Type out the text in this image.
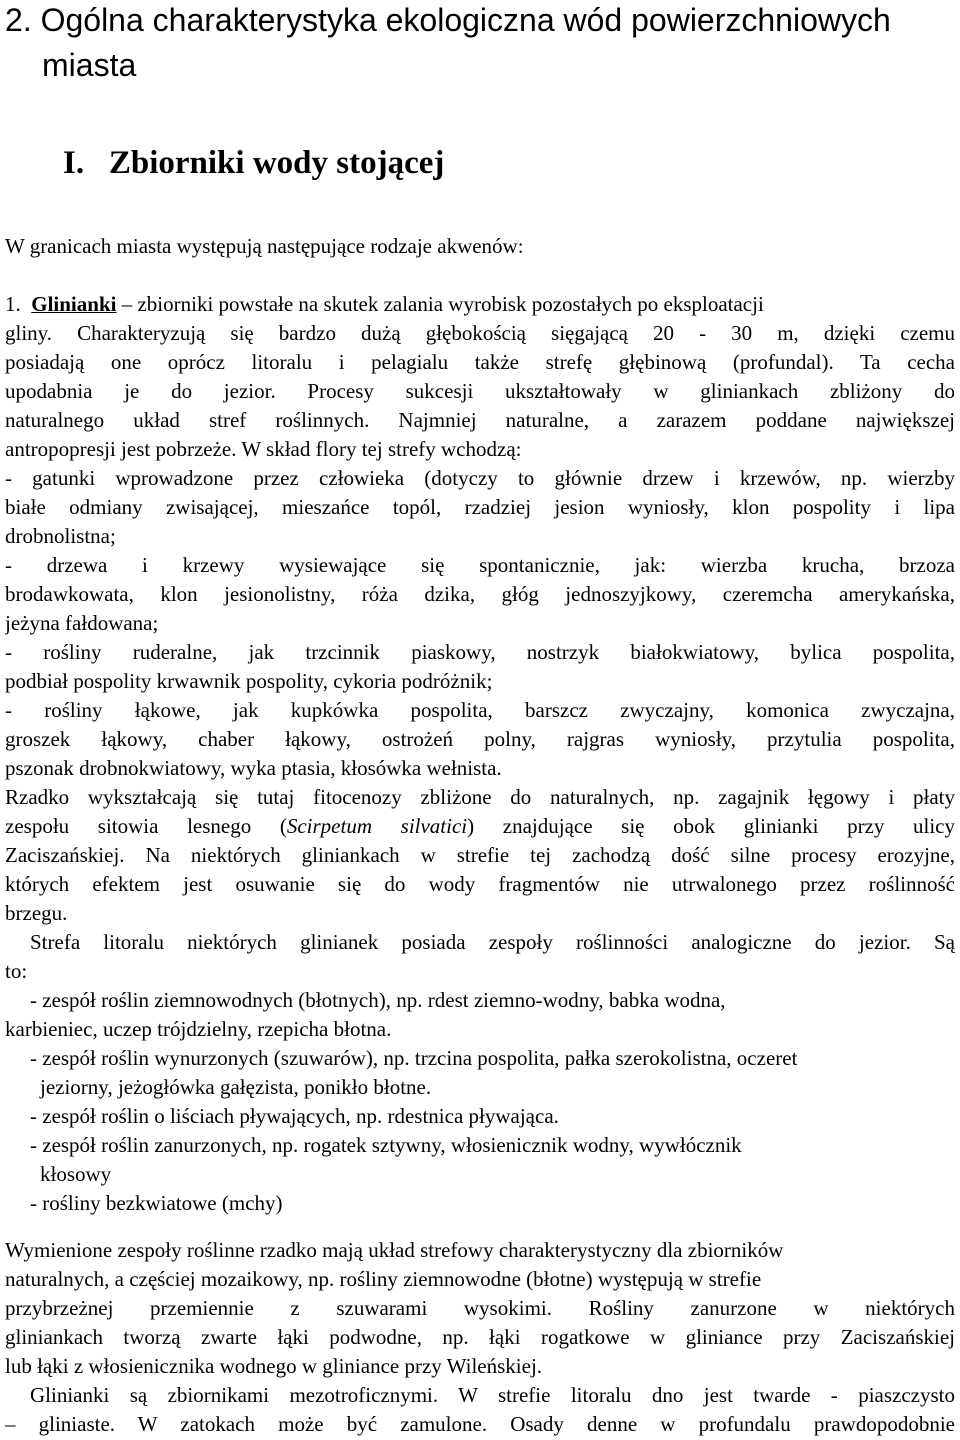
2. Ogólna charakterystyka ekologiczna wód powierzchniowych
miasta
I.   Zbiorniki wody stojącej

W granicach miasta występują następujące rodzaje akwenów:

1. Glinianki – zbiorniki powstałe na skutek zalania wyrobisk pozostałych po eksploatacji
gliny. Charakteryzują się bardzo dużą głębokością sięgającą 20 - 30 m, dzięki czemu
posiadają one oprócz litoralu i pelagialu także strefę głębinową (profundal). Ta cecha
upodabnia je do jezior. Procesy sukcesji ukształtowały w gliniankach zbliżony do
naturalnego układ stref roślinnych. Najmniej naturalne, a zarazem poddane największej
antropopresji jest pobrzeże. W skład flory tej strefy wchodzą:
- gatunki wprowadzone przez człowieka (dotyczy to głównie drzew i krzewów, np. wierzby
białe odmiany zwisającej, mieszańce topól, rzadziej jesion wyniosły, klon pospolity i lipa
drobnolistna;
- drzewa i krzewy wysiewające się spontanicznie, jak: wierzba krucha, brzoza
brodawkowata, klon jesionolistny, róża dzika, głóg jednoszyjkowy, czeremcha amerykańska,
jeżyna fałdowana;
- rośliny ruderalne, jak trzcinnik piaskowy, nostrzyk białokwiatowy, bylica pospolita,
podbiał pospolity krwawnik pospolity, cykoria podróżnik;
- rośliny łąkowe, jak kupkówka pospolita, barszcz zwyczajny, komonica zwyczajna,
groszek łąkowy, chaber łąkowy, ostrożeń polny, rajgras wyniosły, przytulia pospolita,
pszonak drobnokwiatowy, wyka ptasia, kłosówka wełnista.
Rzadko wykształcają się tutaj fitocenozy zbliżone do naturalnych, np. zagajnik łęgowy i płaty
zespołu sitowia lesnego (Scirpetum silvatici) znajdujące się obok glinianki przy ulicy
Zaciszańskiej. Na niektórych gliniankach w strefie tej zachodzą dość silne procesy erozyjne,
których efektem jest osuwanie się do wody fragmentów nie utrwalonego przez roślinność
brzegu.
Strefa litoralu niektórych glinianek posiada zespoły roślinności analogiczne do jezior. Są
to:
- zespół roślin ziemnowodnych (błotnych), np. rdest ziemno-wodny, babka wodna,
karbieniec, uczep trójdzielny, rzepicha błotna.
- zespół roślin wynurzonych (szuwarów), np. trzcina pospolita, pałka szerokolistna, oczeret
jeziorny, jeżogłówka gałęzista, ponikło błotne.
- zespół roślin o liściach pływających, np. rdestnica pływająca.
- zespół roślin zanurzonych, np. rogatek sztywny, włosienicznik wodny, wywłócznik
kłosowy
- rośliny bezkwiatowe (mchy)
Wymienione zespoły roślinne rzadko mają układ strefowy charakterystyczny dla zbiorników
naturalnych, a częściej mozaikowy, np. rośliny ziemnowodne (błotne) występują w strefie
przybrzeżnej przemiennie z szuwarami wysokimi. Rośliny zanurzone w niektórych
gliniankach tworzą zwarte łąki podwodne, np. łąki rogatkowe w gliniance przy Zaciszańskiej
lub łąki z włosienicznika wodnego w gliniance przy Wileńskiej.
Glinianki są zbiornikami mezotroficznymi. W strefie litoralu dno jest twarde - piaszczysto
– gliniaste. W zatokach może być zamulone. Osady denne w profundalu prawdopodobnie
